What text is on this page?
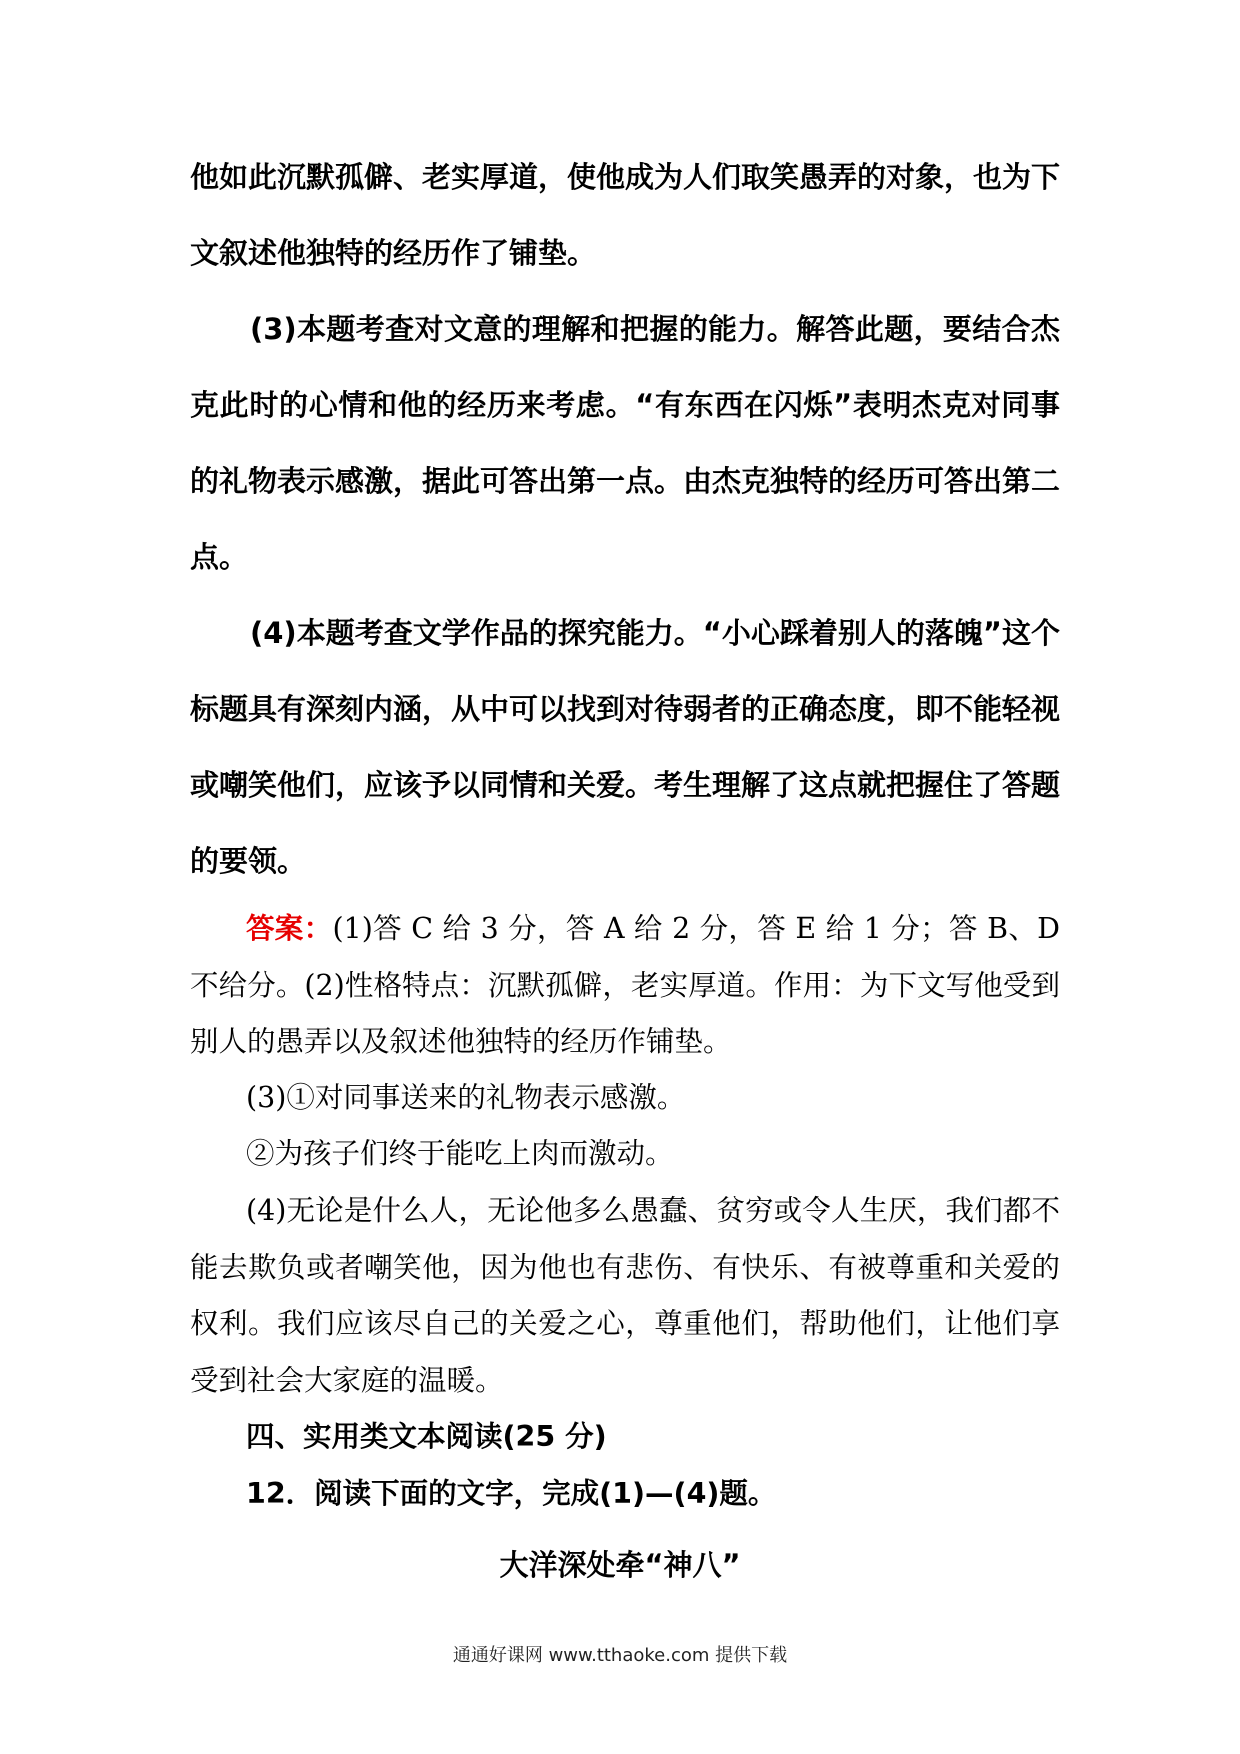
他如此沉默孤僻、老实厚道，使他成为人们取笑愚弄的对象，也为下文叙述他独特的经历作了铺垫。

(3)本题考查对文意的理解和把握的能力。解答此题，要结合杰克此时的心情和他的经历来考虑。“有东西在闪烁”表明杰克对同事的礼物表示感激，据此可答出第一点。由杰克独特的经历可答出第二点。

(4)本题考查文学作品的探究能力。“小心踩着别人的落魄”这个标题具有深刻内涵，从中可以找到对待弱者的正确态度，即不能轻视或嘲笑他们，应该予以同情和关爱。考生理解了这点就把握住了答题的要领。

答案：(1)答 C 给 3 分，答 A 给 2 分，答 E 给 1 分；答 B、D 不给分。(2)性格特点：沉默孤僻，老实厚道。作用：为下文写他受到别人的愚弄以及叙述他独特的经历作铺垫。

(3)①对同事送来的礼物表示感激。

②为孩子们终于能吃上肉而激动。

(4)无论是什么人，无论他多么愚蠢、贫穷或令人生厌，我们都不能去欺负或者嘲笑他，因为他也有悲伤、有快乐、有被尊重和关爱的权利。我们应该尽自己的关爱之心，尊重他们，帮助他们，让他们享受到社会大家庭的温暖。

四、实用类文本阅读(25 分)

12．阅读下面的文字，完成(1)—(4)题。

大洋深处牵“神八”
通通好课网 www.tthaoke.com 提供下载
